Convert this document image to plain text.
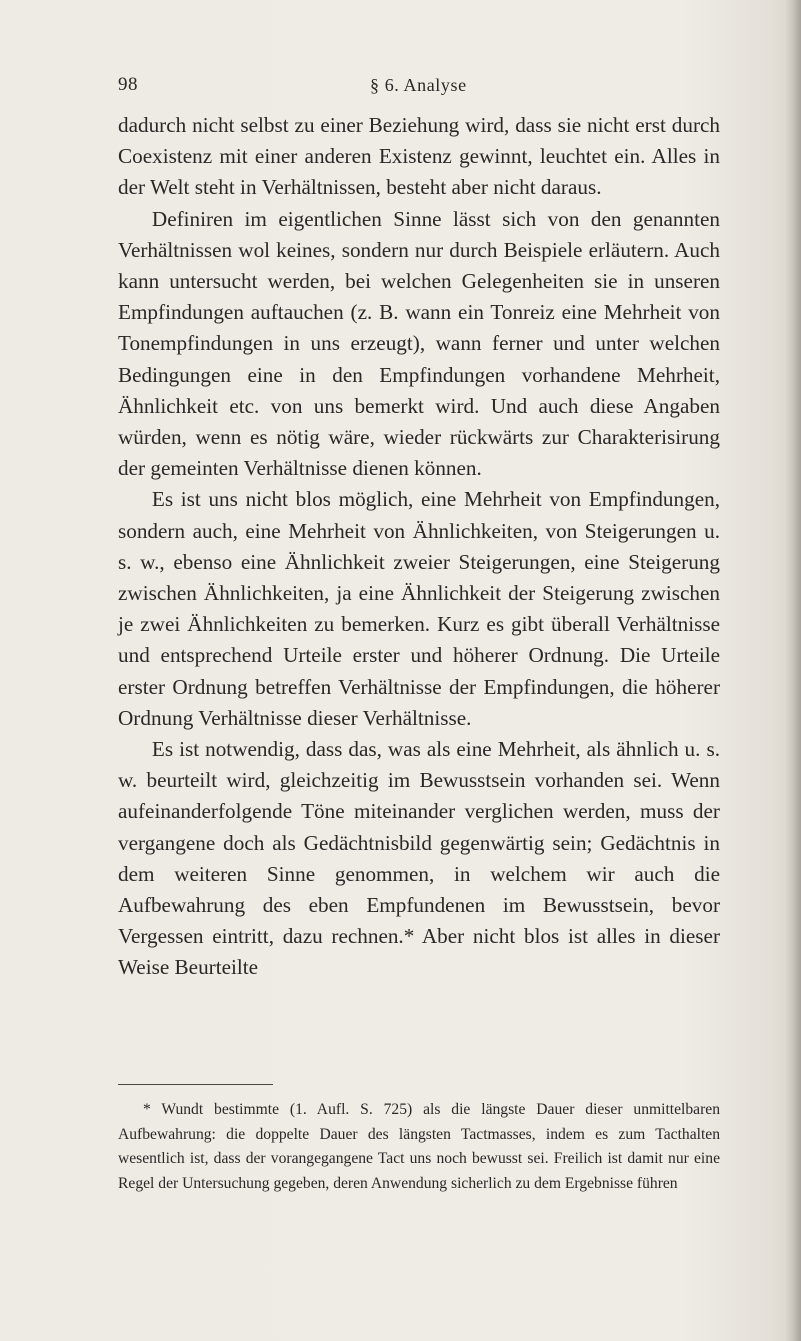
98	§ 6. Analyse

dadurch nicht selbst zu einer Beziehung wird, dass sie nicht erst durch Coexistenz mit einer anderen Existenz gewinnt, leuchtet ein. Alles in der Welt steht in Verhältnissen, besteht aber nicht daraus.

Definiren im eigentlichen Sinne lässt sich von den genannten Verhältnissen wol keines, sondern nur durch Beispiele erläutern. Auch kann untersucht werden, bei welchen Gelegenheiten sie in unseren Empfindungen auftauchen (z. B. wann ein Tonreiz eine Mehrheit von Tonempfindungen in uns erzeugt), wann ferner und unter welchen Bedingungen eine in den Empfindungen vorhandene Mehrheit, Ähnlichkeit etc. von uns bemerkt wird. Und auch diese Angaben würden, wenn es nötig wäre, wieder rückwärts zur Charakterisirung der gemeinten Verhältnisse dienen können.

Es ist uns nicht blos möglich, eine Mehrheit von Empfindungen, sondern auch, eine Mehrheit von Ähnlichkeiten, von Steigerungen u. s. w., ebenso eine Ähnlichkeit zweier Steigerungen, eine Steigerung zwischen Ähnlichkeiten, ja eine Ähnlichkeit der Steigerung zwischen je zwei Ähnlichkeiten zu bemerken. Kurz es gibt überall Verhältnisse und entsprechend Urteile erster und höherer Ordnung. Die Urteile erster Ordnung betreffen Verhältnisse der Empfindungen, die höherer Ordnung Verhältnisse dieser Verhältnisse.

Es ist notwendig, dass das, was als eine Mehrheit, als ähnlich u. s. w. beurteilt wird, gleichzeitig im Bewusstsein vorhanden sei. Wenn aufeinanderfolgende Töne miteinander verglichen werden, muss der vergangene doch als Gedächtnisbild gegenwärtig sein; Gedächtnis in dem weiteren Sinne genommen, in welchem wir auch die Aufbewahrung des eben Empfundenen im Bewusstsein, bevor Vergessen eintritt, dazu rechnen.* Aber nicht blos ist alles in dieser Weise Beurteilte

* Wundt bestimmte (1. Aufl. S. 725) als die längste Dauer dieser unmittelbaren Aufbewahrung: die doppelte Dauer des längsten Tactmasses, indem es zum Tacthalten wesentlich ist, dass der vorangegangene Tact uns noch bewusst sei. Freilich ist damit nur eine Regel der Untersuchung gegeben, deren Anwendung sicherlich zu dem Ergebnisse führen
